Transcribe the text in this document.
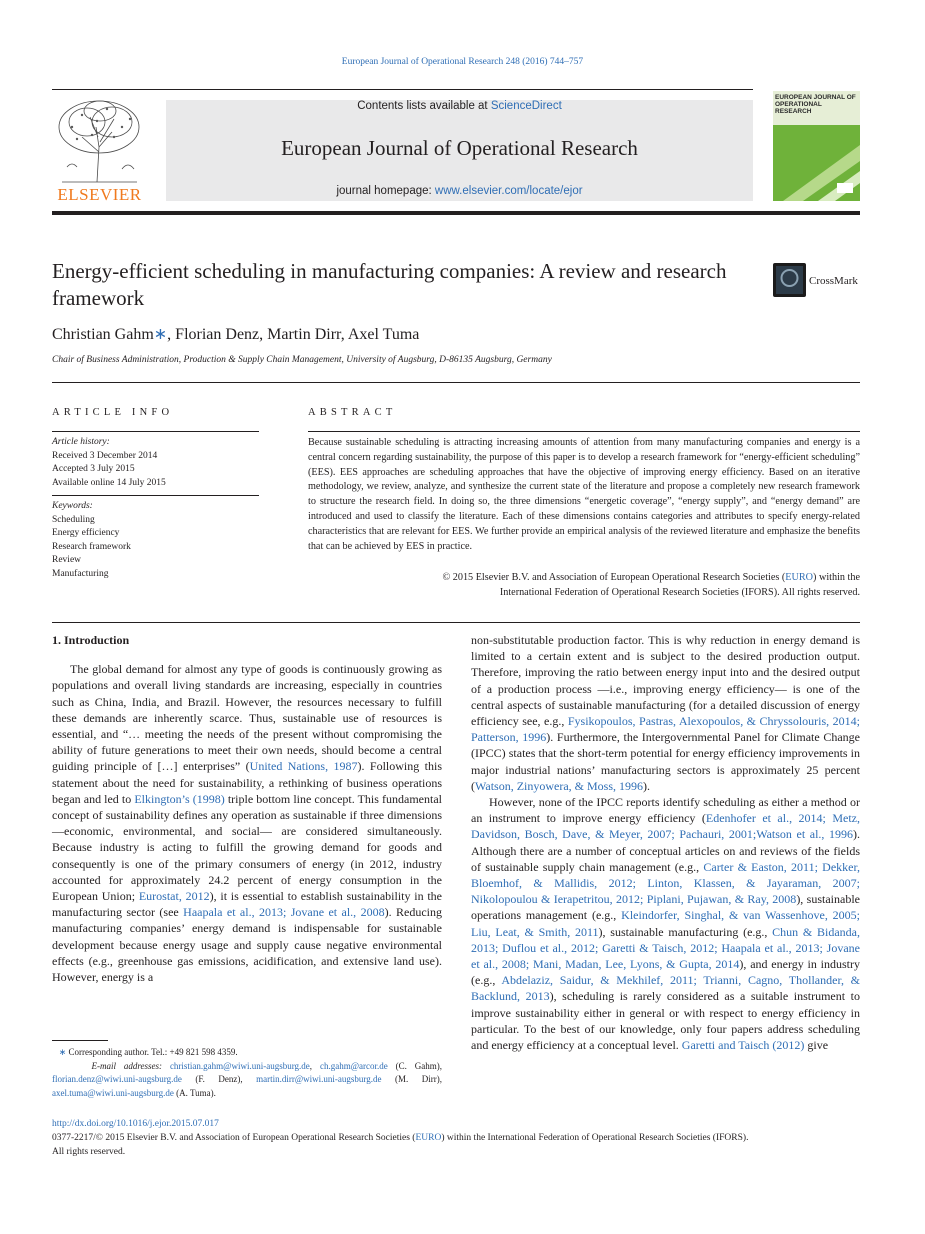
European Journal of Operational Research 248 (2016) 744–757
ELSEVIER
Contents lists available at ScienceDirect
European Journal of Operational Research
journal homepage: www.elsevier.com/locate/ejor
EUROPEAN JOURNAL OF
OPERATIONAL RESEARCH
Energy-efficient scheduling in manufacturing companies: A review and research framework
CrossMark
Christian Gahm∗, Florian Denz, Martin Dirr, Axel Tuma
Chair of Business Administration, Production & Supply Chain Management, University of Augsburg, D-86135 Augsburg, Germany
ARTICLE INFO	ABSTRACT
Article history:
Received 3 December 2014
Accepted 3 July 2015
Available online 14 July 2015
Keywords:
Scheduling
Energy efficiency
Research framework
Review
Manufacturing
Because sustainable scheduling is attracting increasing amounts of attention from many manufacturing companies and energy is a central concern regarding sustainability, the purpose of this paper is to develop a research framework for “energy-efficient scheduling” (EES). EES approaches are scheduling approaches that have the objective of improving energy efficiency. Based on an iterative methodology, we review, analyze, and synthesize the current state of the literature and propose a completely new research framework to structure the research field. In doing so, the three dimensions “energetic coverage”, “energy supply”, and “energy demand” are introduced and used to classify the literature. Each of these dimensions contains categories and attributes to specify energy-related characteristics that are relevant for EES. We further provide an empirical analysis of the reviewed literature and emphasize the benefits that can be achieved by EES in practice.
© 2015 Elsevier B.V. and Association of European Operational Research Societies (EURO) within the
International Federation of Operational Research Societies (IFORS). All rights reserved.
1. Introduction

The global demand for almost any type of goods is continuously growing as populations and overall living standards are increasing, especially in countries such as China, India, and Brazil. However, the resources necessary to fulfill these demands are inherently scarce. Thus, sustainable use of resources is essential, and “… meeting the needs of the present without compromising the ability of future generations to meet their own needs, should become a central guiding principle of […] enterprises” (United Nations, 1987). Following this statement about the need for sustainability, a rethinking of business operations began and led to Elkington’s (1998) triple bottom line concept. This fundamental concept of sustainability defines any operation as sustainable if three dimensions—economic, environmental, and social— are considered simultaneously. Because industry is acting to fulfill the growing demand for goods and consequently is one of the primary consumers of energy (in 2012, industry accounted for approximately 24.2 percent of energy consumption in the European Union; Eurostat, 2012), it is essential to establish sustainability in the manufacturing sector (see Haapala et al., 2013; Jovane et al., 2008). Reducing manufacturing companies’ energy demand is indispensable for sustainable development because energy usage and supply cause negative environmental effects (e.g., greenhouse gas emissions, acidification, and extensive land use). However, energy is a

non-substitutable production factor. This is why reduction in energy demand is limited to a certain extent and is subject to the desired production output. Therefore, improving the ratio between energy input into and the desired output of a production process —i.e., improving energy efficiency— is one of the central aspects of sustainable manufacturing (for a detailed discussion of energy efficiency see, e.g., Fysikopoulos, Pastras, Alexopoulos, & Chryssolouris, 2014; Patterson, 1996). Furthermore, the Intergovernmental Panel for Climate Change (IPCC) states that the short-term potential for energy efficiency improvements in major industrial nations’ manufacturing sectors is approximately 25 percent (Watson, Zinyowera, & Moss, 1996).

However, none of the IPCC reports identify scheduling as either a method or an instrument to improve energy efficiency (Edenhofer et al., 2014; Metz, Davidson, Bosch, Dave, & Meyer, 2007; Pachauri, 2001;Watson et al., 1996). Although there are a number of conceptual articles on and reviews of the fields of sustainable supply chain management (e.g., Carter & Easton, 2011; Dekker, Bloemhof, & Mallidis, 2012; Linton, Klassen, & Jayaraman, 2007; Nikolopoulou & Ierapetritou, 2012; Piplani, Pujawan, & Ray, 2008), sustainable operations management (e.g., Kleindorfer, Singhal, & van Wassenhove, 2005; Liu, Leat, & Smith, 2011), sustainable manufacturing (e.g., Chun & Bidanda, 2013; Duflou et al., 2012; Garetti & Taisch, 2012; Haapala et al., 2013; Jovane et al., 2008; Mani, Madan, Lee, Lyons, & Gupta, 2014), and energy in industry (e.g., Abdelaziz, Saidur, & Mekhilef, 2011; Trianni, Cagno, Thollander, & Backlund, 2013), scheduling is rarely considered as a suitable instrument to improve sustainability either in general or with respect to energy efficiency in particular. To the best of our knowledge, only four papers address scheduling and energy efficiency at a conceptual level. Garetti and Taisch (2012) give

∗ Corresponding author. Tel.: +49 821 598 4359.
E-mail addresses: christian.gahm@wiwi.uni-augsburg.de, ch.gahm@arcor.de (C. Gahm), florian.denz@wiwi.uni-augsburg.de (F. Denz), martin.dirr@wiwi.uni-augsburg.de (M. Dirr), axel.tuma@wiwi.uni-augsburg.de (A. Tuma).
http://dx.doi.org/10.1016/j.ejor.2015.07.017
0377-2217/© 2015 Elsevier B.V. and Association of European Operational Research Societies (EURO) within the International Federation of Operational Research Societies (IFORS).
All rights reserved.
